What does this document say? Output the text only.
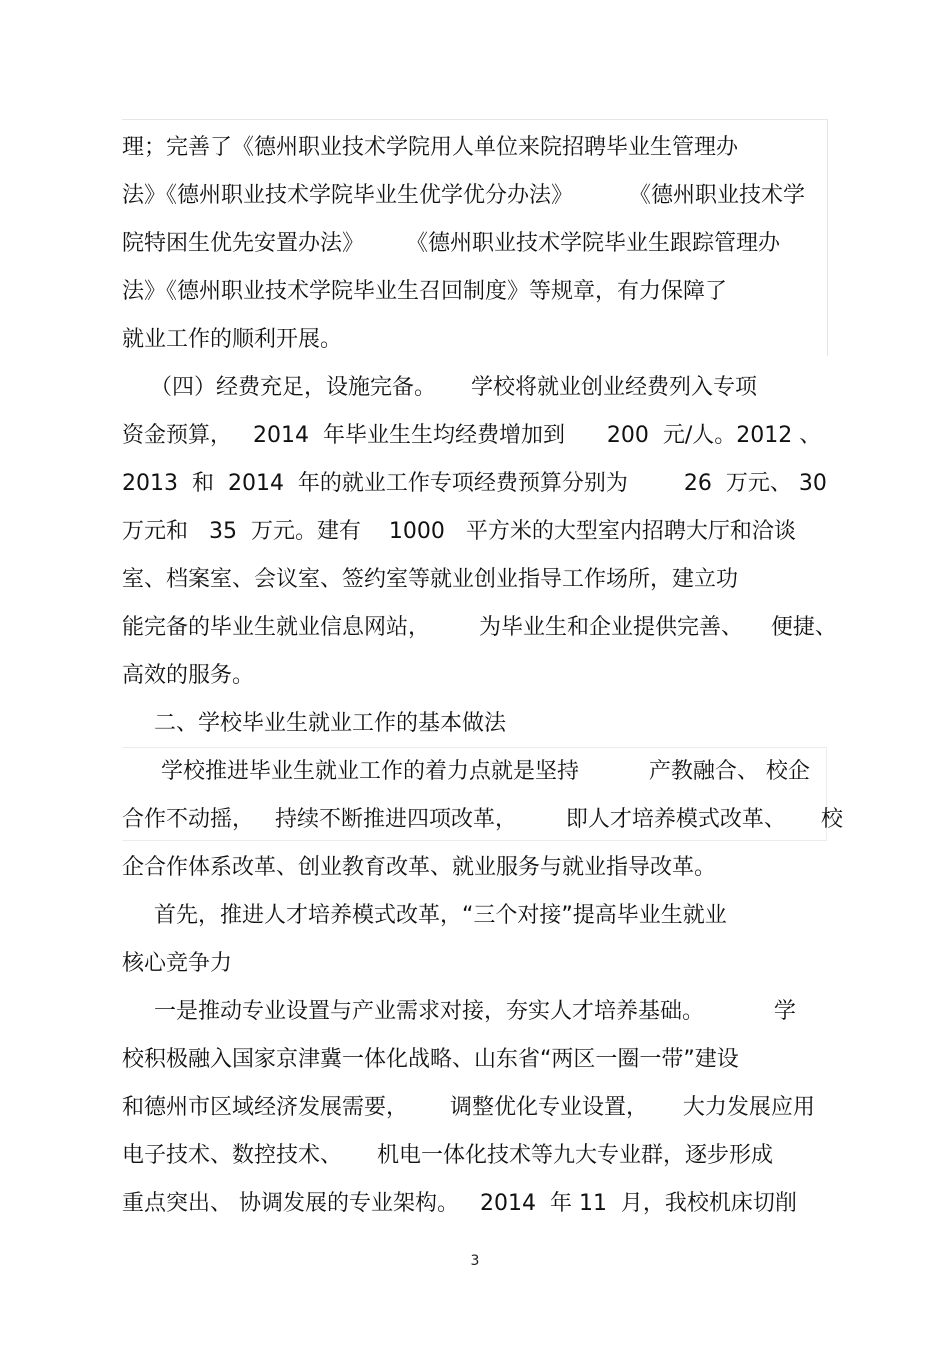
理；完善了《德州职业技术学院用人单位来院招聘毕业生管理办
法》《德州职业技术学院毕业生优学优分办法》        《德州职业技术学
院特困生优先安置办法》      《德州职业技术学院毕业生跟踪管理办
法》《德州职业技术学院毕业生召回制度》等规章，有力保障了
就业工作的顺利开展。
（四）经费充足，设施完备。     学校将就业创业经费列入专项
资金预算，   2014  年毕业生生均经费增加到      200  元/人。2012 、
2013  和  2014  年的就业工作专项经费预算分别为        26  万元、 30
万元和   35  万元。建有    1000   平方米的大型室内招聘大厅和洽谈
室、档案室、会议室、签约室等就业创业指导工作场所，建立功
能完备的毕业生就业信息网站，       为毕业生和企业提供完善、    便捷、
高效的服务。
二、学校毕业生就业工作的基本做法
学校推进毕业生就业工作的着力点就是坚持          产教融合、 校企
合作不动摇，   持续不断推进四项改革，       即人才培养模式改革、     校
企合作体系改革、创业教育改革、就业服务与就业指导改革。
首先，推进人才培养模式改革，“三个对接”提高毕业生就业
核心竞争力
一是推动专业设置与产业需求对接，夯实人才培养基础。          学
校积极融入国家京津冀一体化战略、山东省“两区一圈一带”建设
和德州市区域经济发展需要，      调整优化专业设置，     大力发展应用
电子技术、数控技术、     机电一体化技术等九大专业群，逐步形成
重点突出、 协调发展的专业架构。   2014  年 11  月，我校机床切削
3
